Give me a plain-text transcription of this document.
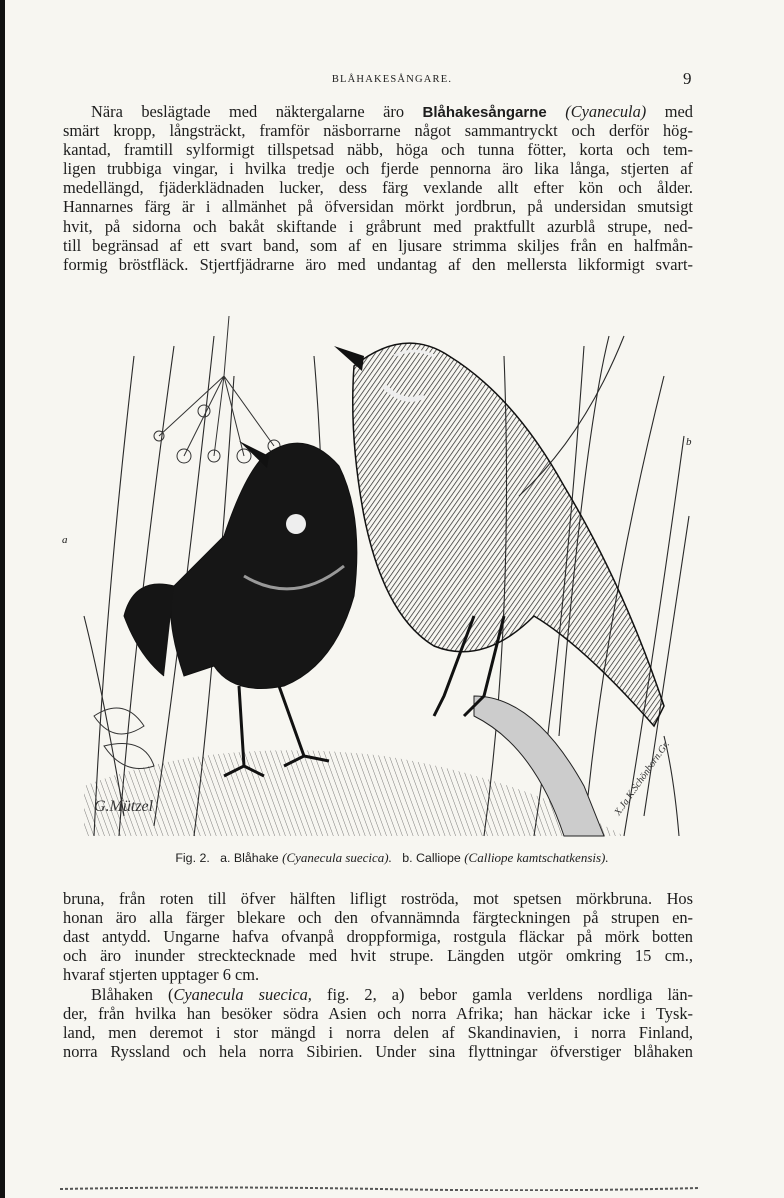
BLÅHAKESÅNGARE.	9
Nära beslägtade med näktergalarne äro Blåhakesångarne (Cyanecula) med
smärt kropp, långsträckt, framför näsborrarne något sammantryckt och derför hög-
kantad, framtill sylformigt tillspetsad näbb, höga och tunna fötter, korta och tem-
ligen trubbiga vingar, i hvilka tredje och fjerde pennorna äro lika långa, stjerten af
medellängd, fjäderklädnaden lucker, dess färg vexlande allt efter kön och ålder.
Hannarnes färg är i allmänhet på öfversidan mörkt jordbrun, på undersidan smutsigt
hvit, på sidorna och bakåt skiftande i gråbrunt med praktfullt azurblå strupe, ned-
till begränsad af ett svart band, som af en ljusare strimma skiljes från en halfmån-
formig bröstfläck. Stjertfjädrarne äro med undantag af den mellersta likformigt svart-
G.Mützel	X.Ja.K.Schönborn.Gr.
a
b
Fig. 2. a. Blåhake (Cyanecula suecica). b. Calliope (Calliope kamtschatkensis).
bruna, från roten till öfver hälften lifligt roströda, mot spetsen mörkbruna. Hos
honan äro alla färger blekare och den ofvannämnda färgteckningen på strupen en-
dast antydd. Ungarne hafva ofvanpå droppformiga, rostgula fläckar på mörk botten
och äro inunder strecktecknade med hvit strupe. Längden utgör omkring 15 cm.,
hvaraf stjerten upptager 6 cm.
Blåhaken (Cyanecula suecica, fig. 2, a) bebor gamla verldens nordliga län-
der, från hvilka han besöker södra Asien och norra Afrika; han häckar icke i Tysk-
land, men deremot i stor mängd i norra delen af Skandinavien, i norra Finland,
norra Ryssland och hela norra Sibirien. Under sina flyttningar öfverstiger blåhaken
